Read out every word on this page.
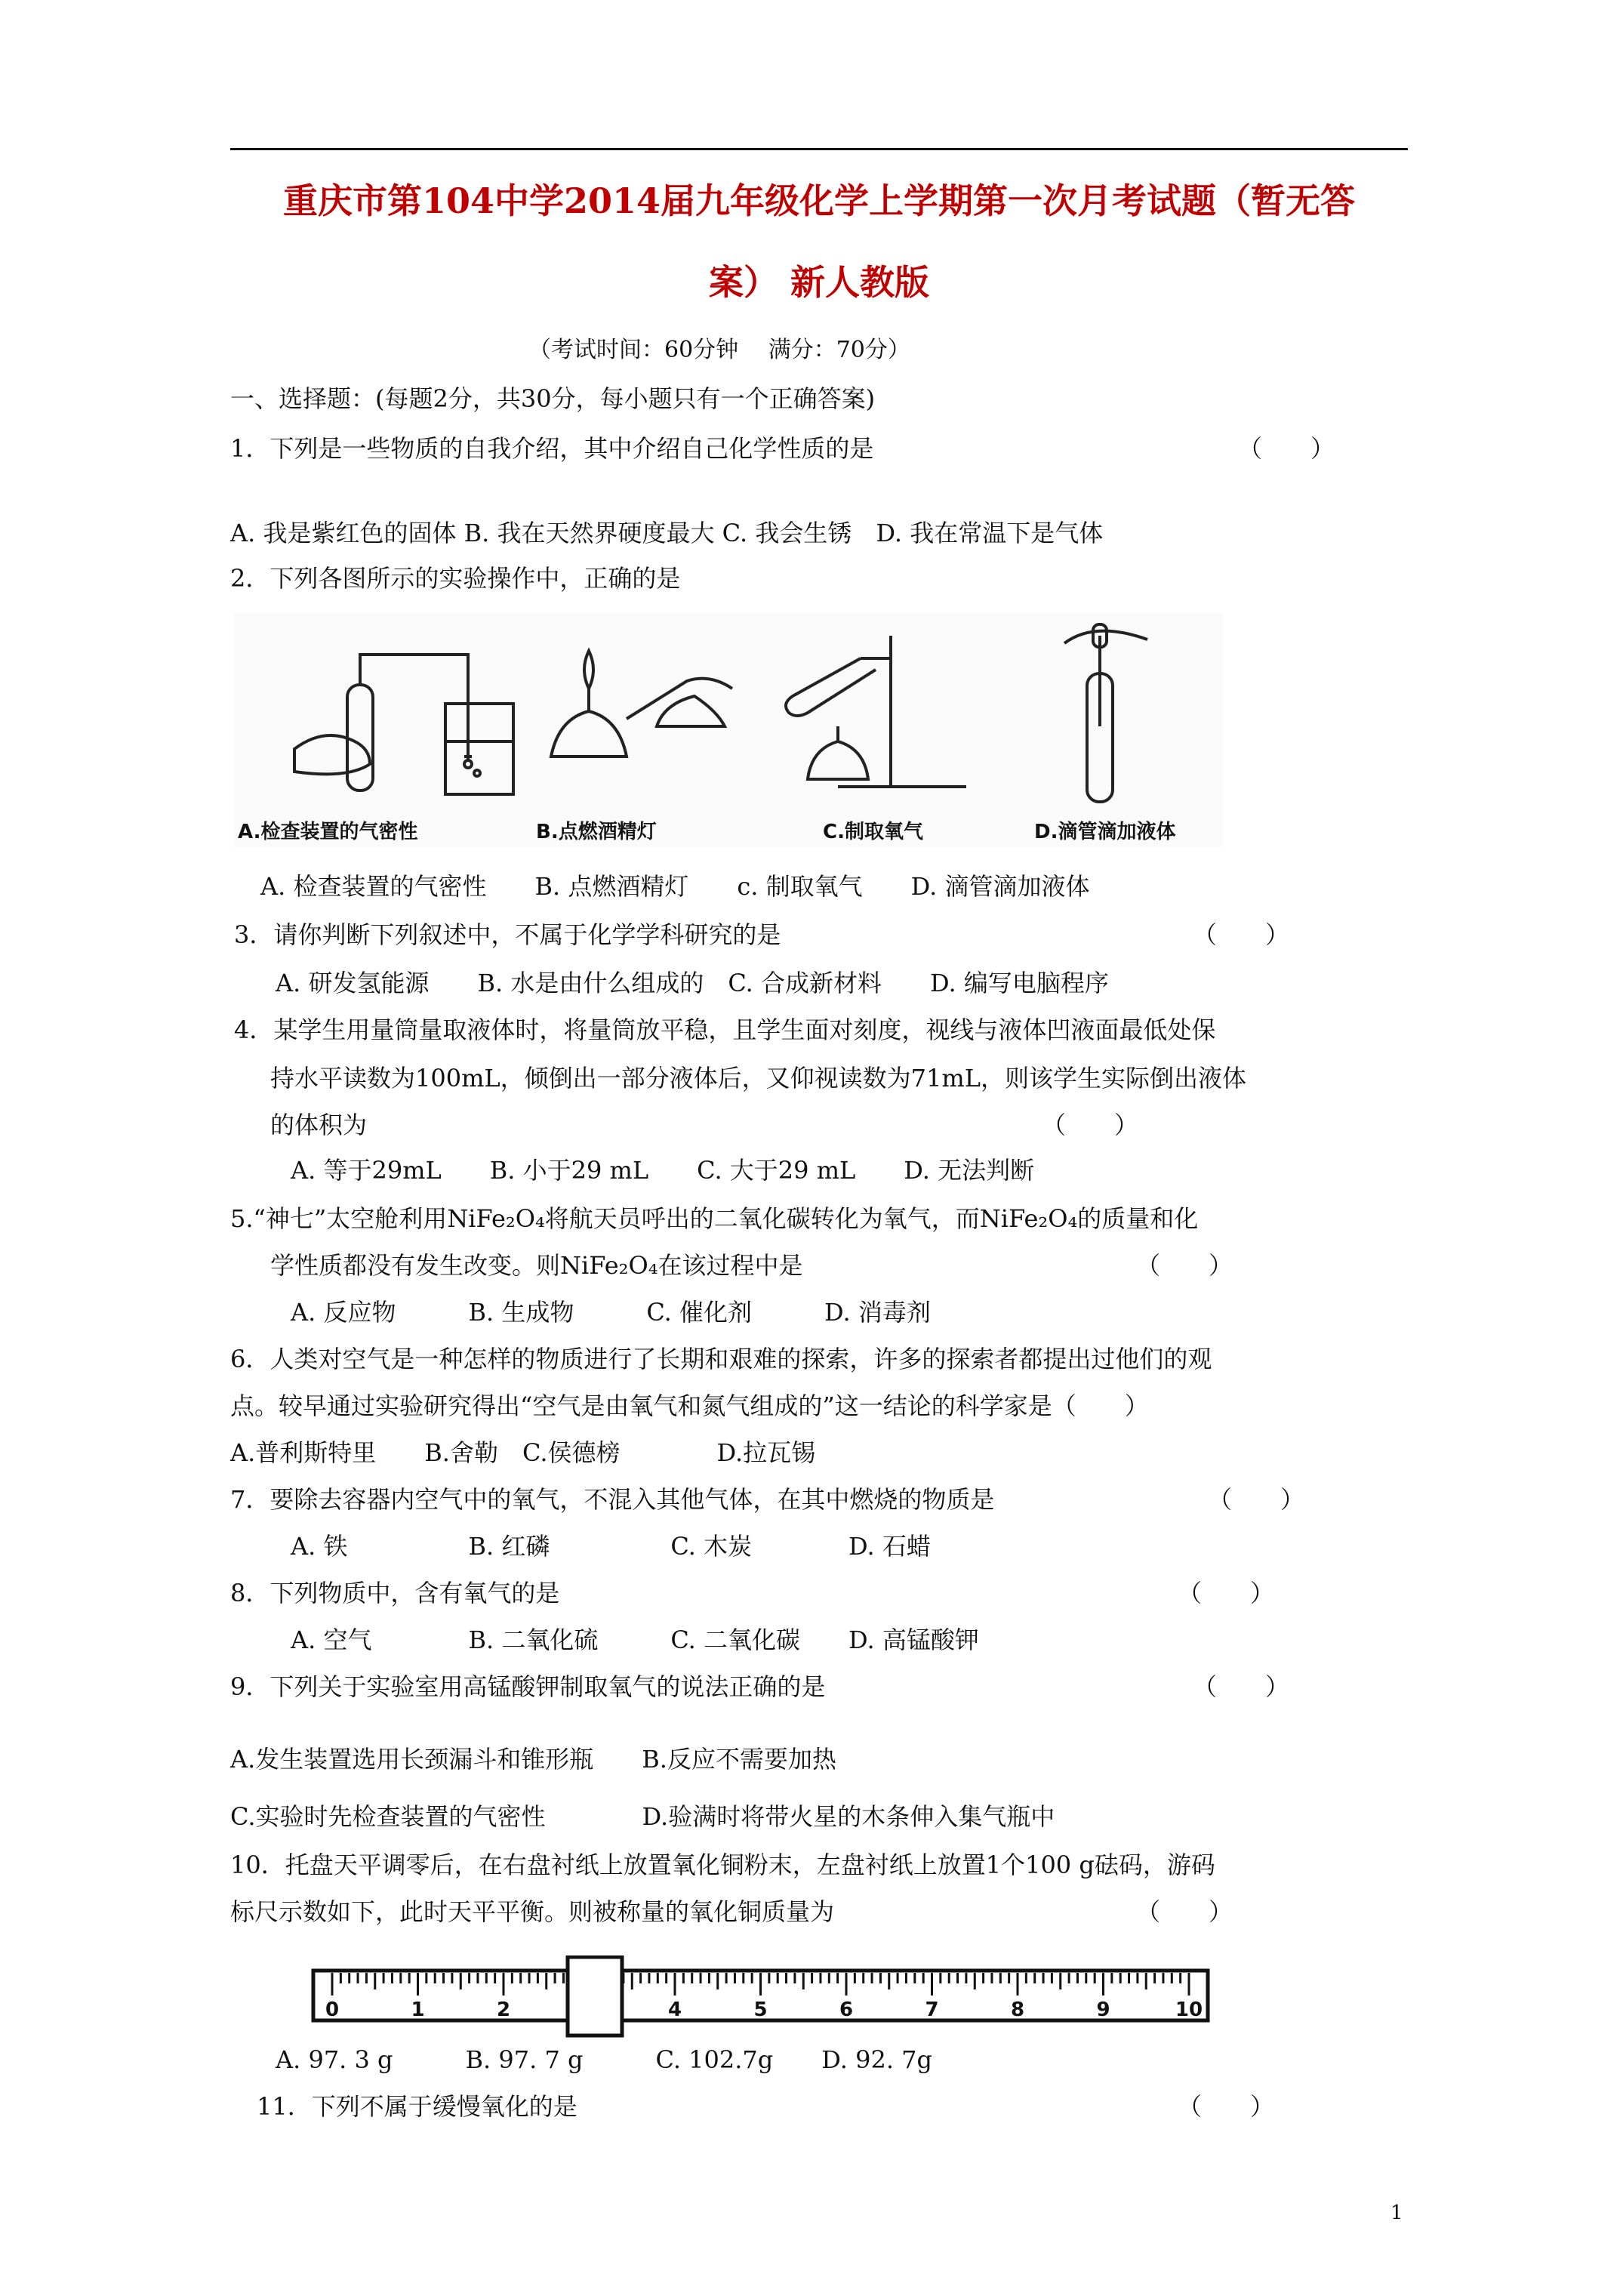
重庆市第104中学2014届九年级化学上学期第一次月考试题（暂无答
案） 新人教版
（考试时间：60分钟　 满分：70分）
一、选择题：(每题2分，共30分，每小题只有一个正确答案)
1．下列是一些物质的自我介绍，其中介绍自己化学性质的是	（　　）
A. 我是紫红色的固体 B. 我在天然界硬度最大 C. 我会生锈　D. 我在常温下是气体
2．下列各图所示的实验操作中，正确的是
A.检查装置的气密性	B.点燃酒精灯	C.制取氧气	D.滴管滴加液体
A. 检查装置的气密性　　B. 点燃酒精灯　　c. 制取氧气　　D. 滴管滴加液体
3．请你判断下列叙述中，不属于化学学科研究的是	（　　）
A. 研发氢能源　　B. 水是由什么组成的　C. 合成新材料　　D. 编写电脑程序
4．某学生用量筒量取液体时，将量筒放平稳，且学生面对刻度，视线与液体凹液面最低处保
持水平读数为100mL，倾倒出一部分液体后，又仰视读数为71mL，则该学生实际倒出液体
的体积为	（　　）
A. 等于29mL　　B. 小于29 mL　　C. 大于29 mL　　D. 无法判断
5.“神七”太空舱利用NiFe₂O₄将航天员呼出的二氧化碳转化为氧气，而NiFe₂O₄的质量和化
学性质都没有发生改变。则NiFe₂O₄在该过程中是	（　　）
A. 反应物　　　B. 生成物　　　C. 催化剂　　　D. 消毒剂
6．人类对空气是一种怎样的物质进行了长期和艰难的探索，许多的探索者都提出过他们的观
点。较早通过实验研究得出“空气是由氧气和氮气组成的”这一结论的科学家是（　　）
A.普利斯特里　　B.舍勒　C.侯德榜　　　　D.拉瓦锡
7．要除去容器内空气中的氧气，不混入其他气体，在其中燃烧的物质是	（　　）
A. 铁　　　　　B. 红磷　　　　　C. 木炭　　　　D. 石蜡
8．下列物质中，含有氧气的是	（　　）
A. 空气　　　　B. 二氧化硫　　　C. 二氧化碳　　D. 高锰酸钾
9．下列关于实验室用高锰酸钾制取氧气的说法正确的是	（　　）
A.发生装置选用长颈漏斗和锥形瓶　　B.反应不需要加热
C.实验时先检查装置的气密性　　　　D.验满时将带火星的木条伸入集气瓶中
10．托盘天平调零后，在右盘衬纸上放置氧化铜粉末，左盘衬纸上放置1个100 g砝码，游码
标尺示数如下，此时天平平衡。则被称量的氧化铜质量为	（　　）
0	1	2	4	5	6	7	8	9	10
A. 97. 3 g　　　B. 97. 7 g　　　C. 102.7g　　D. 92. 7g
11．下列不属于缓慢氧化的是	（　　）
1
